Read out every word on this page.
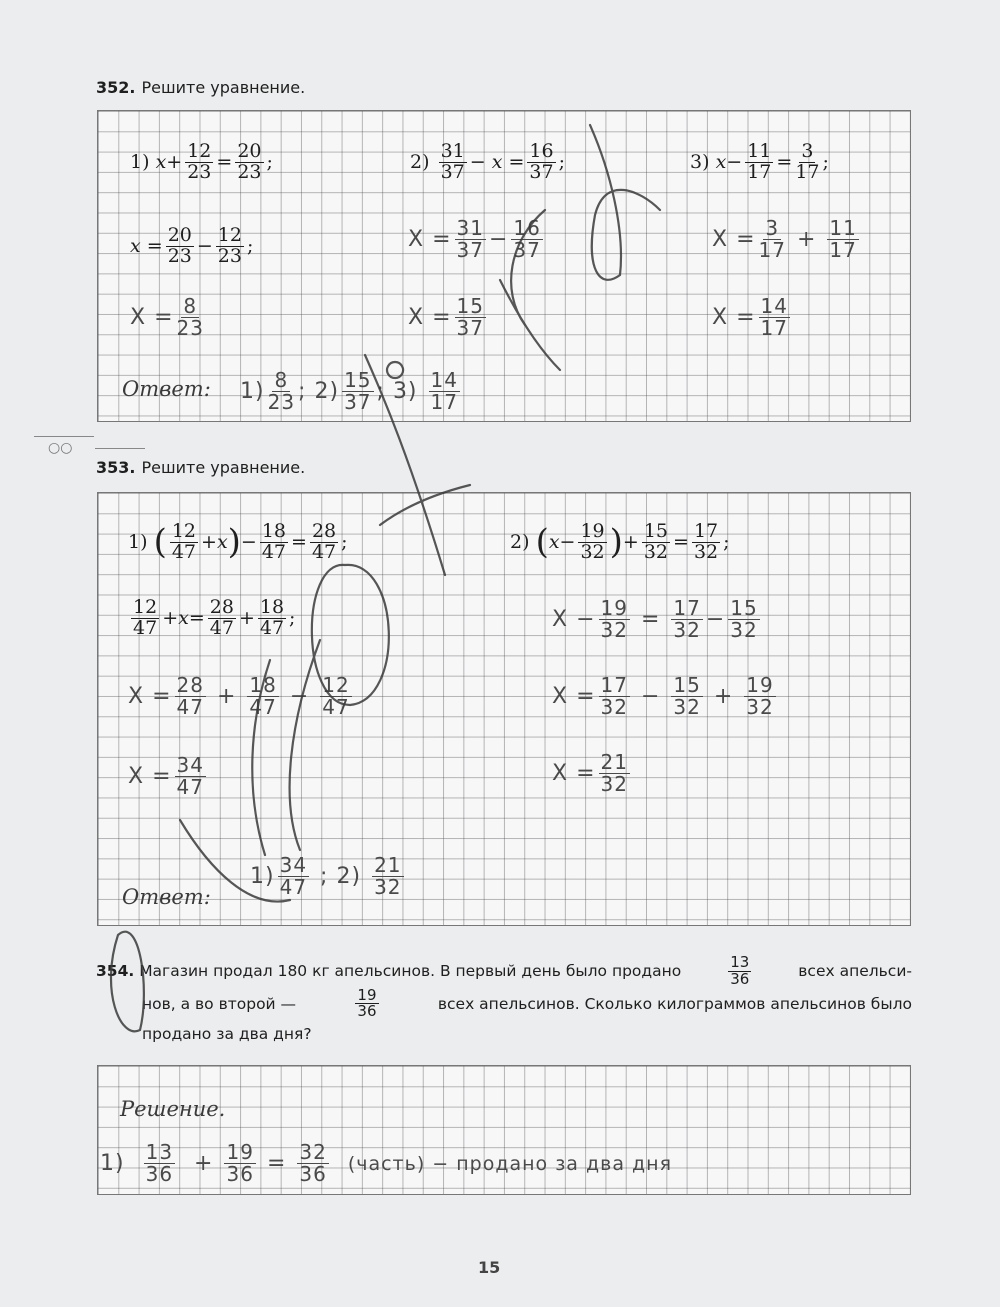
○○
352. Решите уравнение.
1)
$x + \frac{12}{23} = \frac{20}{23}$ ;	2)
$\frac{31}{37}$ −
x
= $\frac{16}{37}$ ;	3)
$x - \frac{11}{17} = \frac{3}{17}$ ;
x
= $\frac{20}{23} - \frac{12}{23}$ ;
$X = \frac{8}{23}$
$X = \frac{31}{37} - \frac{16}{37}$
$X = \frac{15}{37}$
$X = \frac{3}{17}$
+
$\frac{11}{17}$
$X = \frac{14}{17}$
Ответ: $1) \frac{8}{23}$ ;
$2) \frac{15}{37}$ ;
3)
$\frac{14}{17}$
353. Решите уравнение.
1)
( $\frac{12}{47} + x$ ) − $\frac{18}{47} = \frac{28}{47}$ ;	2)
( $x - \frac{19}{32}$ ) + $\frac{15}{32} = \frac{17}{32}$ ;
$\frac{12}{47} + x = \frac{28}{47} + \frac{18}{47}$ ;
$X = \frac{28}{47}$
+
$\frac{18}{47}$
−
$\frac{12}{47}$
$X = \frac{34}{47}$
$X - \frac{19}{32}$
=
$\frac{17}{32} - \frac{15}{32}$
$X = \frac{17}{32}$
−
$\frac{15}{32}$
+
$\frac{19}{32}$
$X = \frac{21}{32}$
Ответ:
$1) \frac{34}{47}$
;
2)
$\frac{21}{32}$
354. Магазин продал 180 кг апельсинов. В первый день было продано	$\frac{13}{36}$	всех апельси-
нов, а во второй —	$\frac{19}{36}$	всех апельсинов. Сколько килограммов апельсинов было
продано за два дня?
Решение.
1)
$\frac{13}{36}$
+
$\frac{19}{36}$
=
$\frac{32}{36}$
(часть) − продано за два дня
15
